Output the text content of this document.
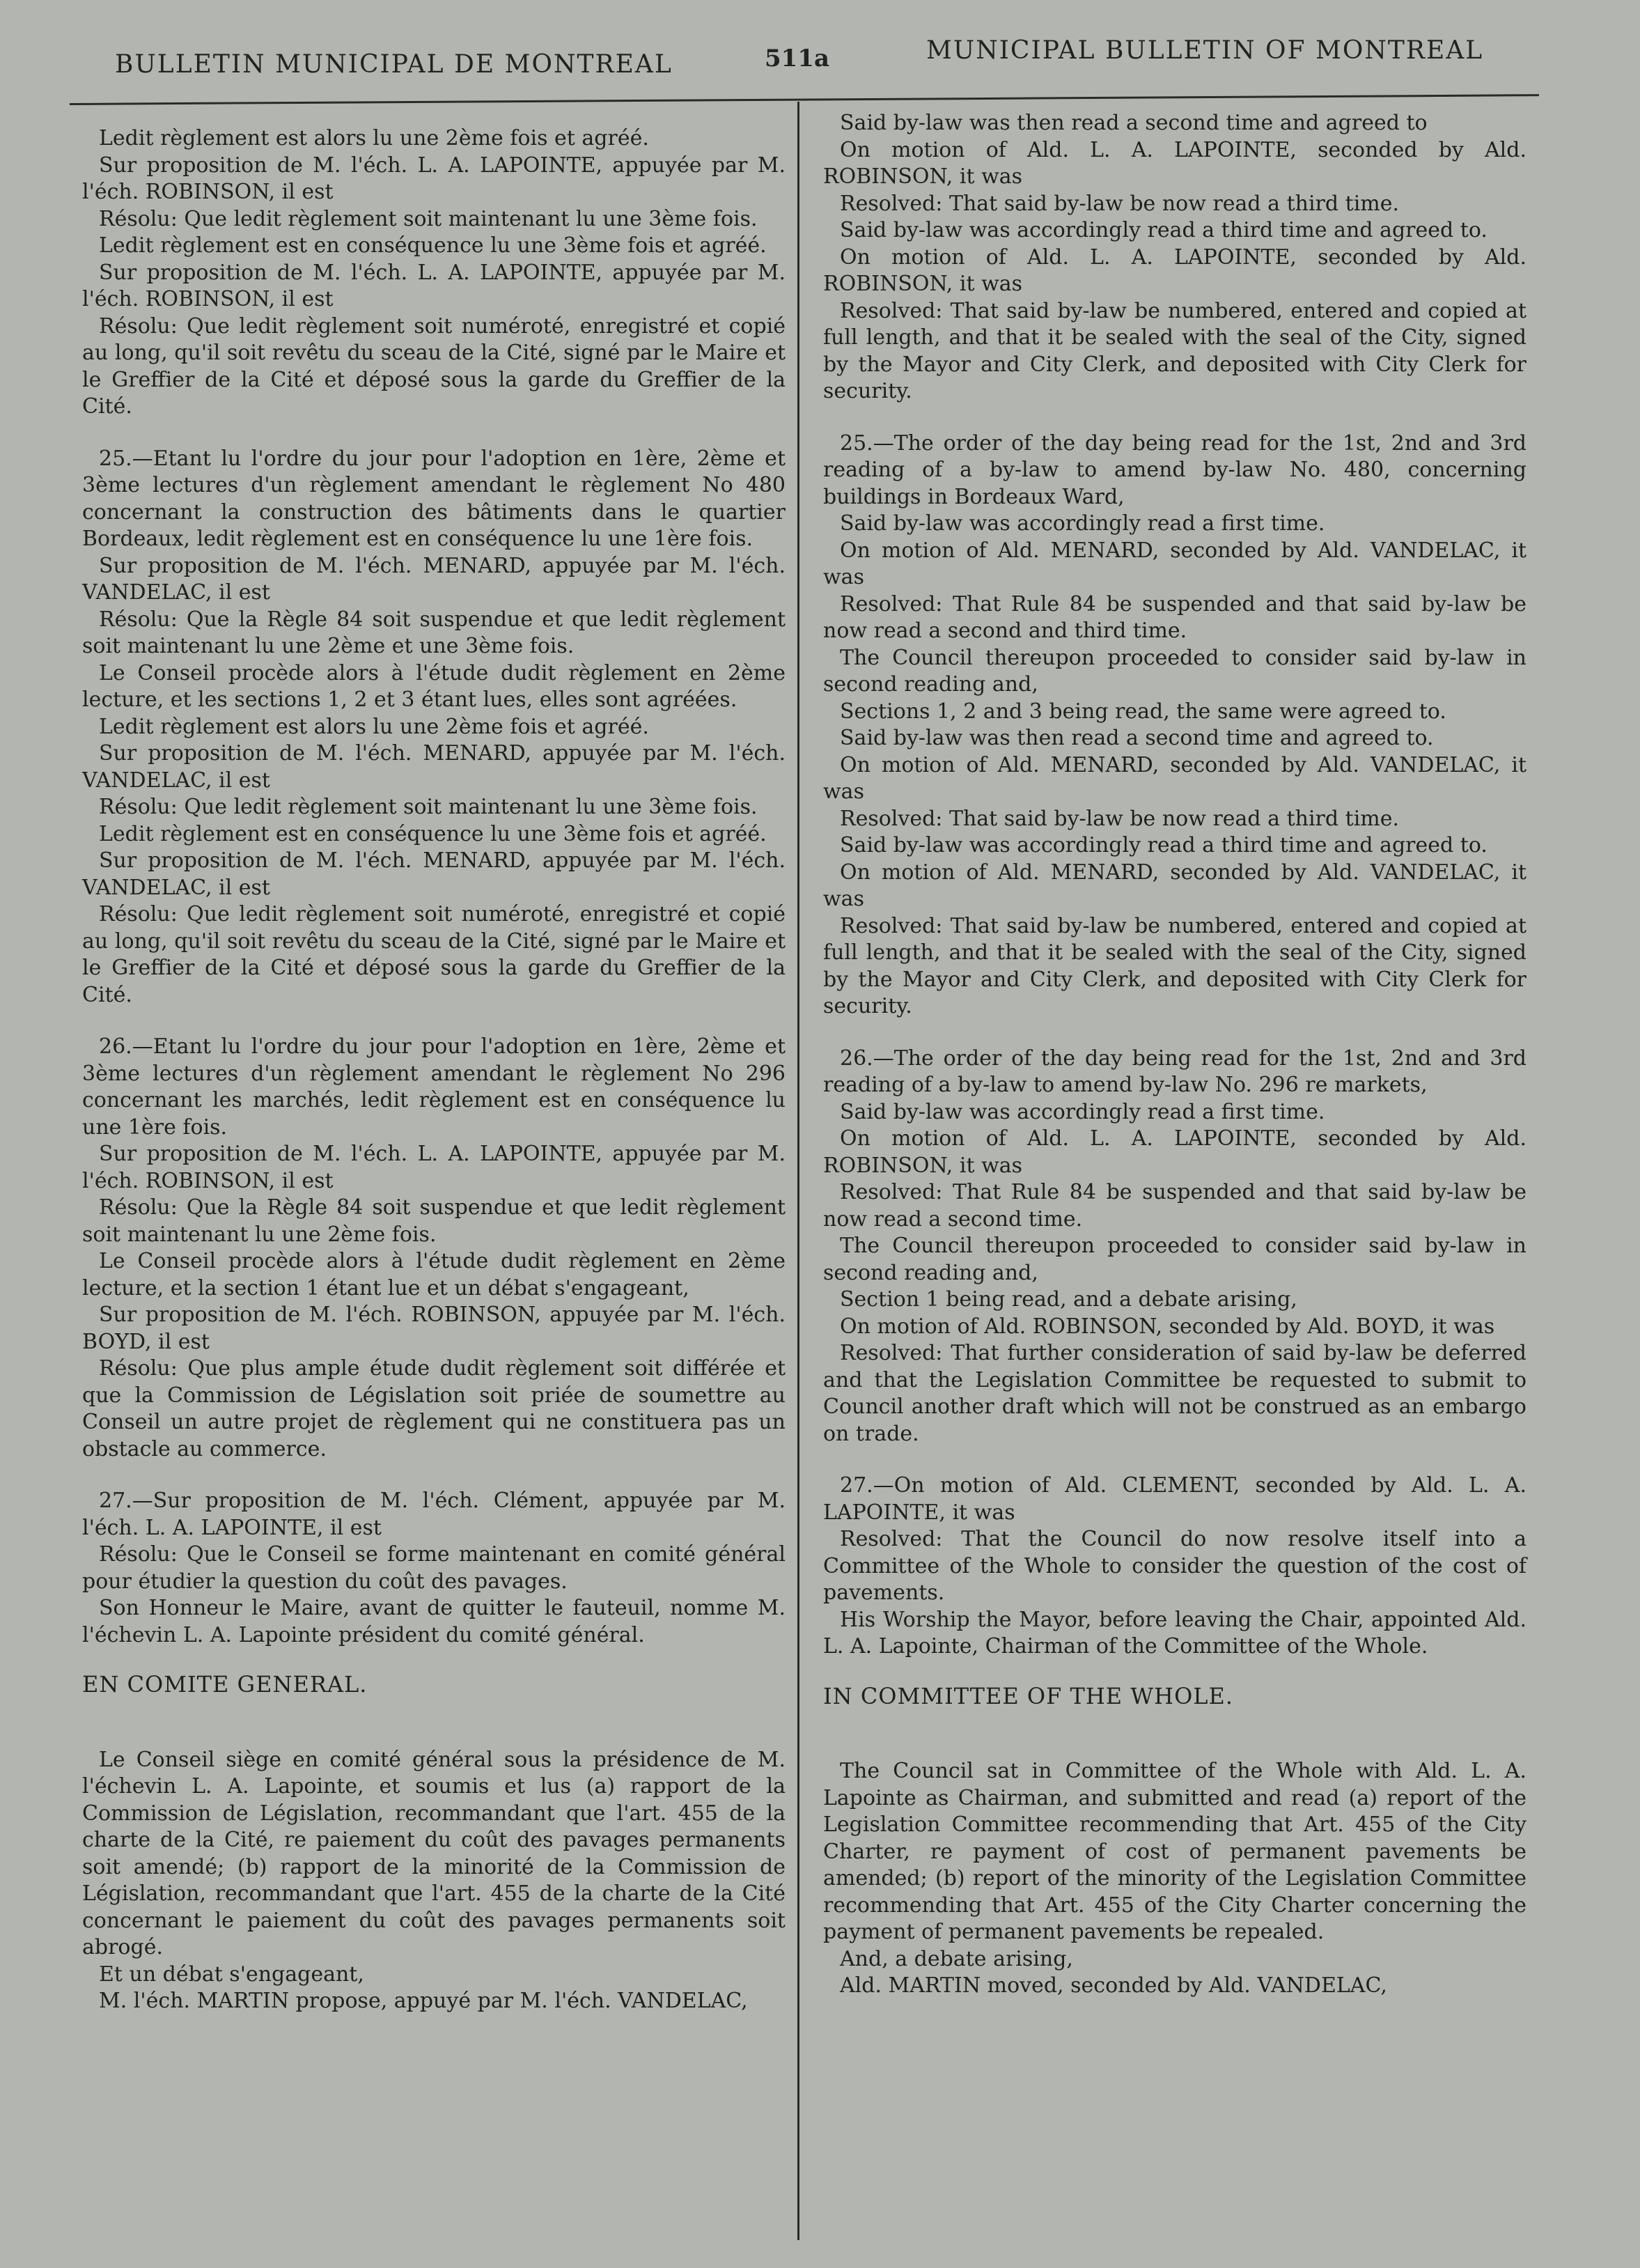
BULLETIN MUNICIPAL DE MONTREAL	511a	MUNICIPAL BULLETIN OF MONTREAL

Ledit règlement est alors lu une 2ème fois et agréé.

Sur proposition de M. l'éch. L. A. LAPOINTE, appuyée par M. l'éch. ROBINSON, il est

Résolu: Que ledit règlement soit maintenant lu une 3ème fois.

Ledit règlement est en conséquence lu une 3ème fois et agréé.

Sur proposition de M. l'éch. L. A. LAPOINTE, appuyée par M. l'éch. ROBINSON, il est

Résolu: Que ledit règlement soit numéroté, enregistré et copié au long, qu'il soit revêtu du sceau de la Cité, signé par le Maire et le Greffier de la Cité et déposé sous la garde du Greffier de la Cité.

25.—Etant lu l'ordre du jour pour l'adoption en 1ère, 2ème et 3ème lectures d'un règlement amendant le règlement No 480 concernant la construction des bâtiments dans le quartier Bordeaux, ledit règlement est en conséquence lu une 1ère fois.

Sur proposition de M. l'éch. MENARD, appuyée par M. l'éch. VANDELAC, il est

Résolu: Que la Règle 84 soit suspendue et que ledit règlement soit maintenant lu une 2ème et une 3ème fois.

Le Conseil procède alors à l'étude dudit règlement en 2ème lecture, et les sections 1, 2 et 3 étant lues, elles sont agréées.

Ledit règlement est alors lu une 2ème fois et agréé.

Sur proposition de M. l'éch. MENARD, appuyée par M. l'éch. VANDELAC, il est

Résolu: Que ledit règlement soit maintenant lu une 3ème fois.

Ledit règlement est en conséquence lu une 3ème fois et agréé.

Sur proposition de M. l'éch. MENARD, appuyée par M. l'éch. VANDELAC, il est

Résolu: Que ledit règlement soit numéroté, enregistré et copié au long, qu'il soit revêtu du sceau de la Cité, signé par le Maire et le Greffier de la Cité et déposé sous la garde du Greffier de la Cité.

26.—Etant lu l'ordre du jour pour l'adoption en 1ère, 2ème et 3ème lectures d'un règlement amendant le règlement No 296 concernant les marchés, ledit règlement est en conséquence lu une 1ère fois.

Sur proposition de M. l'éch. L. A. LAPOINTE, appuyée par M. l'éch. ROBINSON, il est

Résolu: Que la Règle 84 soit suspendue et que ledit règlement soit maintenant lu une 2ème fois.

Le Conseil procède alors à l'étude dudit règlement en 2ème lecture, et la section 1 étant lue et un débat s'engageant,

Sur proposition de M. l'éch. ROBINSON, appuyée par M. l'éch. BOYD, il est

Résolu: Que plus ample étude dudit règlement soit différée et que la Commission de Législation soit priée de soumettre au Conseil un autre projet de règlement qui ne constituera pas un obstacle au commerce.

27.—Sur proposition de M. l'éch. Clément, appuyée par M. l'éch. L. A. LAPOINTE, il est

Résolu: Que le Conseil se forme maintenant en comité général pour étudier la question du coût des pavages.

Son Honneur le Maire, avant de quitter le fauteuil, nomme M. l'échevin L. A. Lapointe président du comité général.

EN COMITE GENERAL.

Le Conseil siège en comité général sous la présidence de M. l'échevin L. A. Lapointe, et soumis et lus (a) rapport de la Commission de Législation, recommandant que l'art. 455 de la charte de la Cité, re paiement du coût des pavages permanents soit amendé; (b) rapport de la minorité de la Commission de Législation, recommandant que l'art. 455 de la charte de la Cité concernant le paiement du coût des pavages permanents soit abrogé.

Et un débat s'engageant,

M. l'éch. MARTIN propose, appuyé par M. l'éch. VANDELAC,

Said by-law was then read a second time and agreed to

On motion of Ald. L. A. LAPOINTE, seconded by Ald. ROBINSON, it was

Resolved: That said by-law be now read a third time.

Said by-law was accordingly read a third time and agreed to.

On motion of Ald. L. A. LAPOINTE, seconded by Ald. ROBINSON, it was

Resolved: That said by-law be numbered, entered and copied at full length, and that it be sealed with the seal of the City, signed by the Mayor and City Clerk, and deposited with City Clerk for security.

25.—The order of the day being read for the 1st, 2nd and 3rd reading of a by-law to amend by-law No. 480, concerning buildings in Bordeaux Ward,

Said by-law was accordingly read a first time.

On motion of Ald. MENARD, seconded by Ald. VANDELAC, it was

Resolved: That Rule 84 be suspended and that said by-law be now read a second and third time.

The Council thereupon proceeded to consider said by-law in second reading and,

Sections 1, 2 and 3 being read, the same were agreed to.

Said by-law was then read a second time and agreed to.

On motion of Ald. MENARD, seconded by Ald. VANDELAC, it was

Resolved: That said by-law be now read a third time.

Said by-law was accordingly read a third time and agreed to.

On motion of Ald. MENARD, seconded by Ald. VANDELAC, it was

Resolved: That said by-law be numbered, entered and copied at full length, and that it be sealed with the seal of the City, signed by the Mayor and City Clerk, and deposited with City Clerk for security.

26.—The order of the day being read for the 1st, 2nd and 3rd reading of a by-law to amend by-law No. 296 re markets,

Said by-law was accordingly read a first time.

On motion of Ald. L. A. LAPOINTE, seconded by Ald. ROBINSON, it was

Resolved: That Rule 84 be suspended and that said by-law be now read a second time.

The Council thereupon proceeded to consider said by-law in second reading and,

Section 1 being read, and a debate arising,

On motion of Ald. ROBINSON, seconded by Ald. BOYD, it was

Resolved: That further consideration of said by-law be deferred and that the Legislation Committee be requested to submit to Council another draft which will not be construed as an embargo on trade.

27.—On motion of Ald. CLEMENT, seconded by Ald. L. A. LAPOINTE, it was

Resolved: That the Council do now resolve itself into a Committee of the Whole to consider the question of the cost of pavements.

His Worship the Mayor, before leaving the Chair, appointed Ald. L. A. Lapointe, Chairman of the Committee of the Whole.

IN COMMITTEE OF THE WHOLE.

The Council sat in Committee of the Whole with Ald. L. A. Lapointe as Chairman, and submitted and read (a) report of the Legislation Committee recommending that Art. 455 of the City Charter, re payment of cost of permanent pavements be amended; (b) report of the minority of the Legislation Committee recommending that Art. 455 of the City Charter concerning the payment of permanent pavements be repealed.

And, a debate arising,

Ald. MARTIN moved, seconded by Ald. VANDELAC,
